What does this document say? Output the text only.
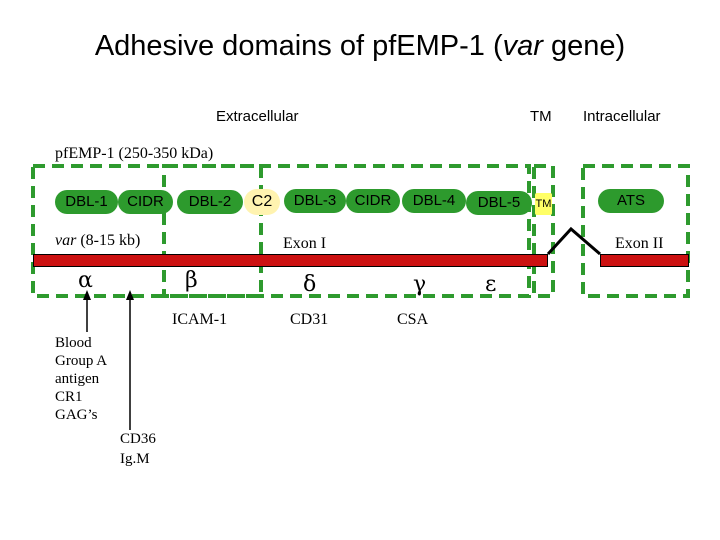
Adhesive domains of pfEMP-1 (var gene)
Extracellular	TM Intracellular
pfEMP-1 (250-350 kDa)
DBL-1	CIDR	DBL-2	C2	DBL-3	CIDR	DBL-4	DBL-5	TM	ATS
var (8-15 kb)	Exon I	Exon II
α	β	δ	γ	ε
ICAM-1	CD31	CSA
Blood
Group A
antigen
CR1
GAG’s
CD36
Ig.M
